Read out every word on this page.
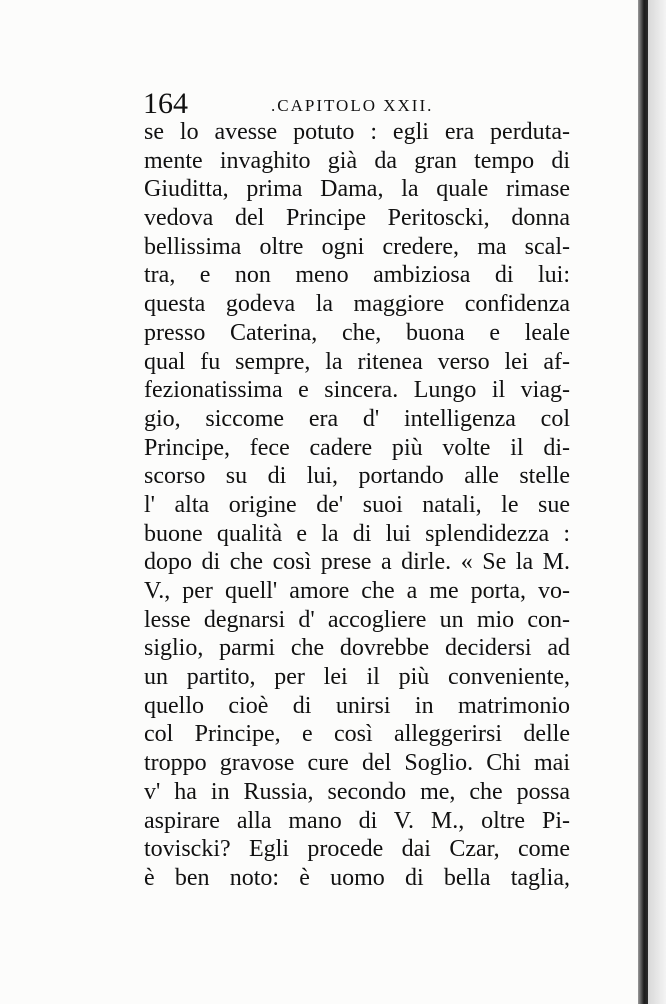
164	.CAPITOLO XXII.
se lo avesse potuto : egli era perduta-
mente invaghito già da gran tempo di
Giuditta, prima Dama, la quale rimase
vedova del Principe Peritoscki, donna
bellissima oltre ogni credere, ma scal-
tra, e non meno ambiziosa di lui:
questa godeva la maggiore confidenza
presso Caterina, che, buona e leale
qual fu sempre, la ritenea verso lei af-
fezionatissima e sincera. Lungo il viag-
gio, siccome era d' intelligenza col
Principe, fece cadere più volte il di-
scorso su di lui, portando alle stelle
l' alta origine de' suoi natali, le sue
buone qualità e la di lui splendidezza :
dopo di che così prese a dirle. « Se la M.
V., per quell' amore che a me porta, vo-
lesse degnarsi d' accogliere un mio con-
siglio, parmi che dovrebbe decidersi ad
un partito, per lei il più conveniente,
quello cioè di unirsi in matrimonio
col Principe, e così alleggerirsi delle
troppo gravose cure del Soglio. Chi mai
v' ha in Russia, secondo me, che possa
aspirare alla mano di V. M., oltre Pi-
toviscki? Egli procede dai Czar, come
è ben noto: è uomo di bella taglia,
